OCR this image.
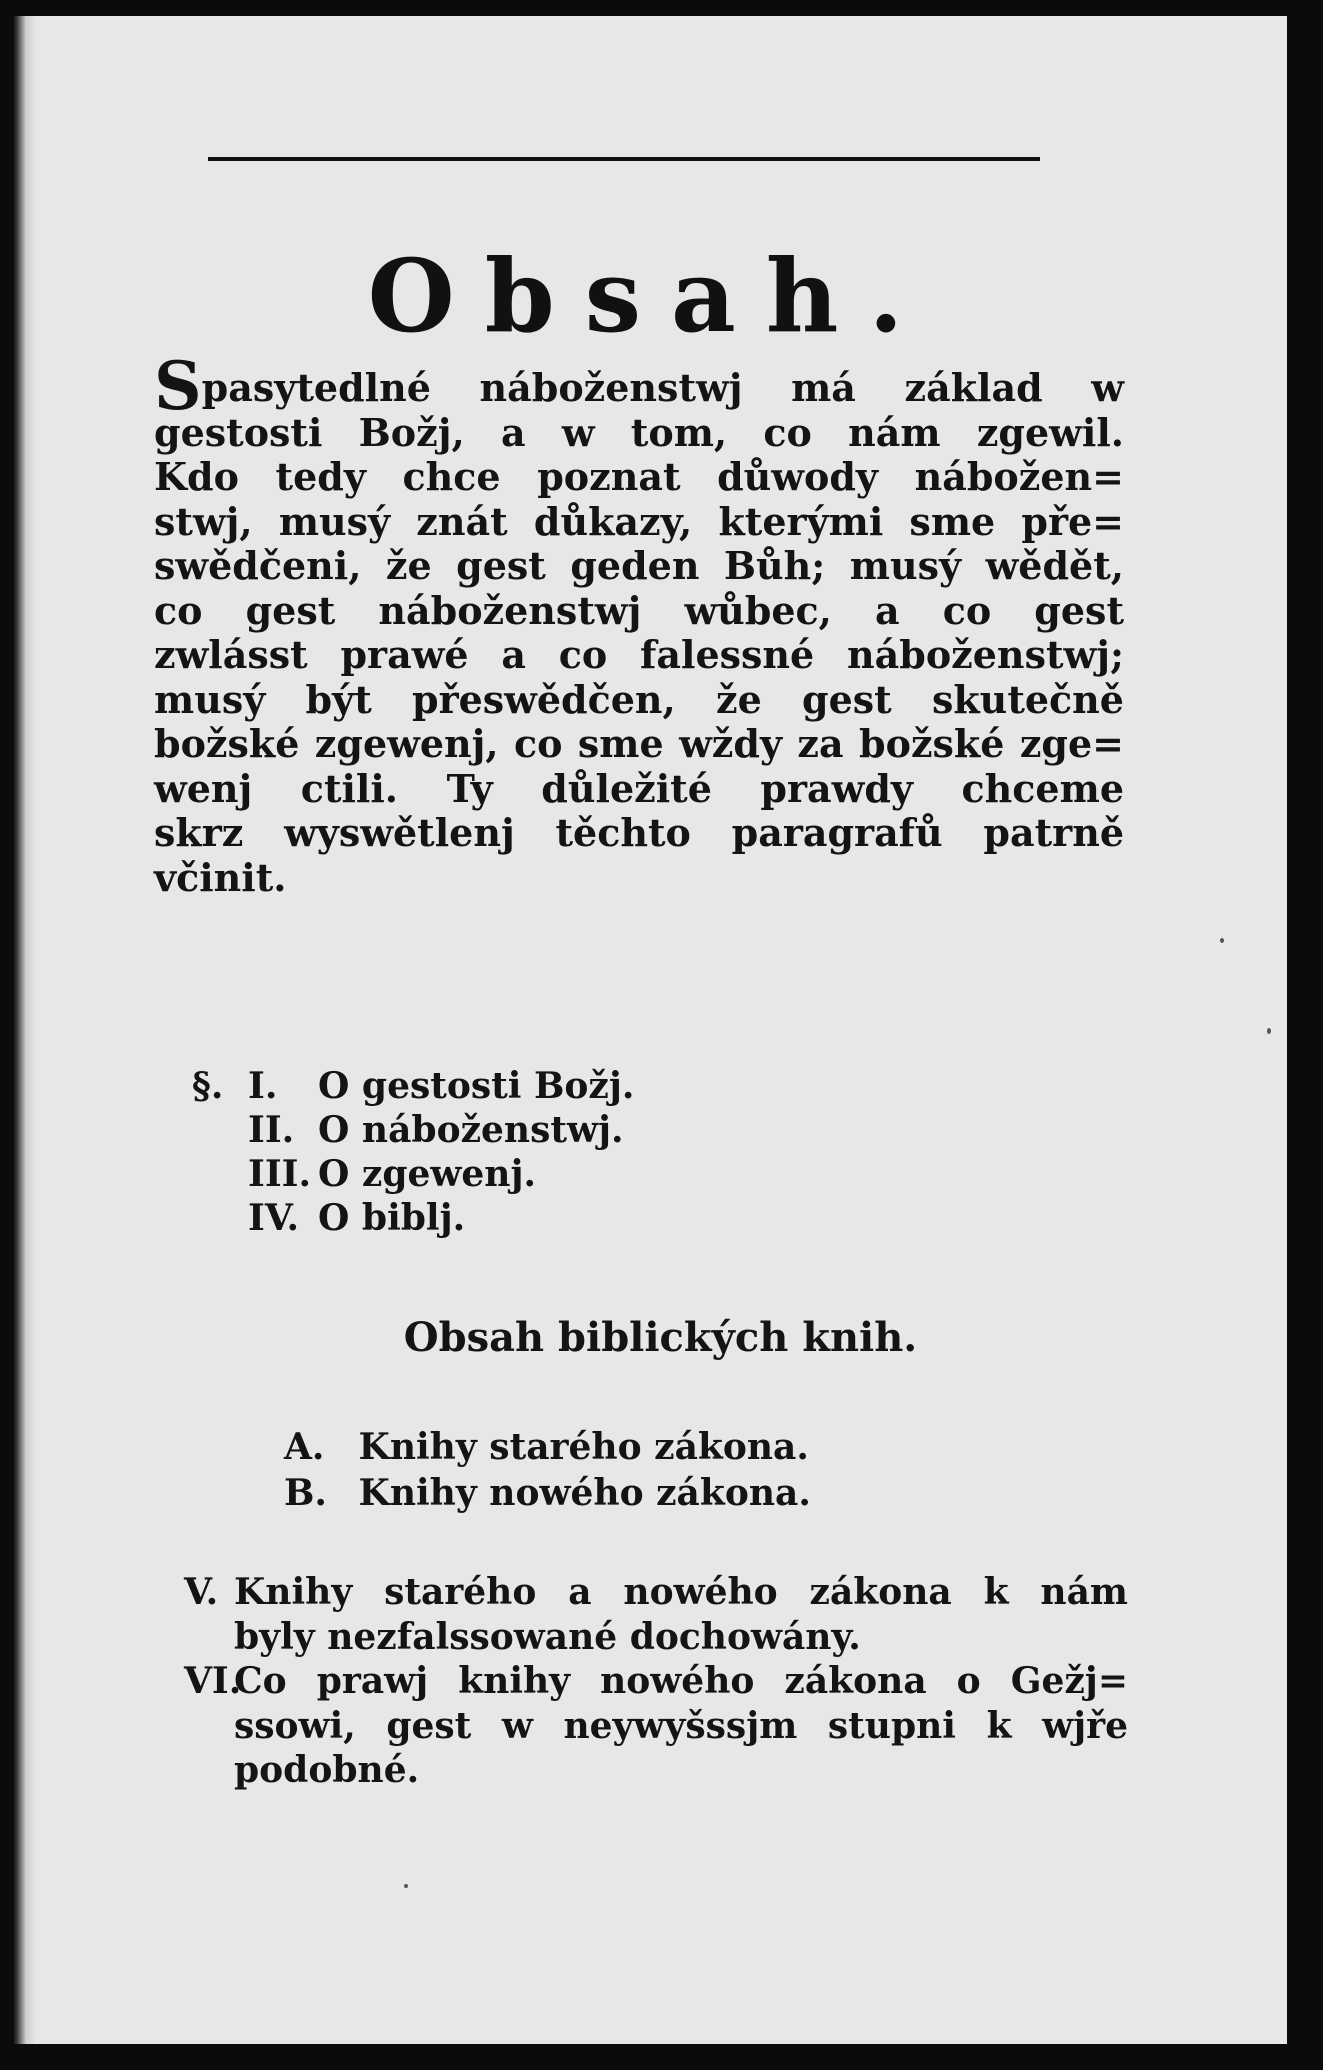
Obsah.
Spasytedlné náboženstwj má základ w
gestosti Božj, a w tom, co nám zgewil.
Kdo tedy chce poznat důwody nábožen=
stwj, musý znát důkazy, kterými sme pře=
swědčeni, že gest geden Bůh; musý wědět,
co gest náboženstwj wůbec, a co gest
zwlásst prawé a co falessné náboženstwj;
musý být přeswědčen, že gest skutečně
božské zgewenj, co sme wždy za božské zge=
wenj ctili. Ty důležité prawdy chceme
skrz wyswětlenj těchto paragrafů patrně
včinit.
§. I.	O gestosti Božj.
II. O náboženstwj.
III. O zgewenj.
IV. O biblj.
Obsah biblických knih.
A. Knihy starého zákona.
B. Knihy nowého zákona.
V. Knihy starého a nowého zákona k nám
byly nezfalssowané dochowány.
VI.
Co prawj knihy nowého zákona o Gežj=
ssowi, gest w neywyšssjm stupni k wjře
podobné.
